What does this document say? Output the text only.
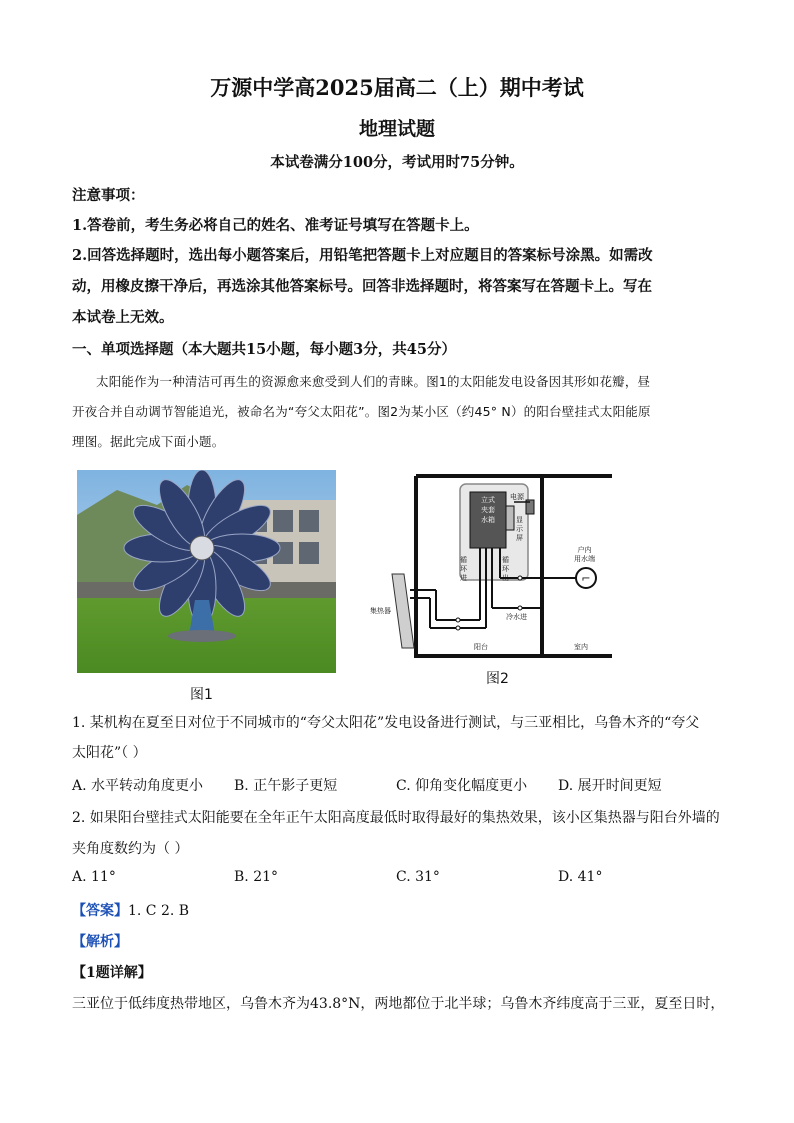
万源中学高2025届高二（上）期中考试
地理试题
本试卷满分100分，考试用时75分钟。
注意事项：
1.答卷前，考生务必将自己的姓名、准考证号填写在答题卡上。
2.回答选择题时，选出每小题答案后，用铅笔把答题卡上对应题目的答案标号涂黑。如需改
动，用橡皮擦干净后，再选涂其他答案标号。回答非选择题时，将答案写在答题卡上。写在
本试卷上无效。
一、单项选择题（本大题共15小题，每小题3分，共45分）
太阳能作为一种清洁可再生的资源愈来愈受到人们的青睐。图1的太阳能发电设备因其形如花瓣，昼
开夜合并自动调节智能追光，被命名为“夸父太阳花”。图2为某小区（约45° N）的阳台壁挂式太阳能原
理图。据此完成下面小题。
图1
⌐
立式
夹套
水箱
电源
显
示
屏
循
环
进
循
环
出
户内
用水端
集热器
冷水进
阳台	室内
图2
1. 某机构在夏至日对位于不同城市的“夸父太阳花”发电设备进行测试，与三亚相比，乌鲁木齐的“夸父
太阳花”（ ）
A. 水平转动角度更小 B. 正午影子更短	C. 仰角变化幅度更小 D. 展开时间更短
2. 如果阳台壁挂式太阳能要在全年正午太阳高度最低时取得最好的集热效果，该小区集热器与阳台外墙的
夹角度数约为（ ）
A. 11°	B. 21°	C. 31°	D. 41°
【答案】1. C 2. B
【解析】
【1题详解】
三亚位于低纬度热带地区，乌鲁木齐为43.8°N，两地都位于北半球；乌鲁木齐纬度高于三亚，夏至日时，
